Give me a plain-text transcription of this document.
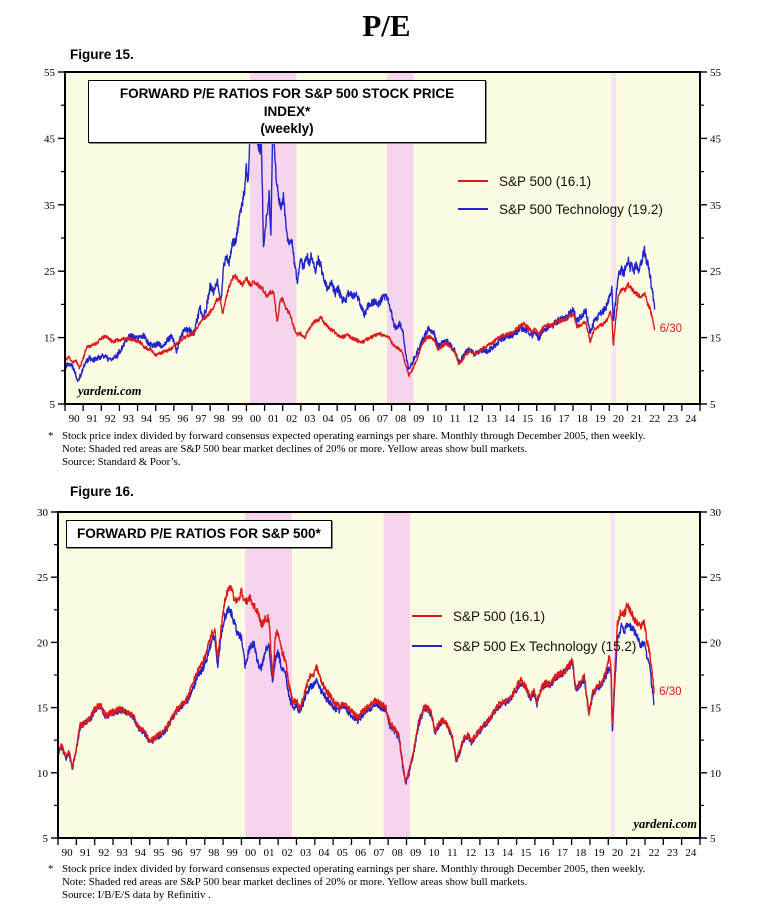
P/E
Figure 15.
5	5
15	15
25	25
35	35
45	45
55	55
90 91 92 93 94 95 96 97 98 99 00 01 02 03 04 05 06 07 08 09 10 11 12 13 14 15 16 17 18 19 20 21 22 23 24
FORWARD P/E RATIOS FOR S&P 500 STOCK PRICE INDEX*
(weekly)
S&P 500 (16.1)
S&P 500 Technology (19.2)
yardeni.com
6/30
* Stock price index divided by forward consensus expected operating earnings per share. Monthly through December 2005, then weekly.
Note: Shaded red areas are S&P 500 bear market declines of 20% or more. Yellow areas show bull markets.
Source: Standard & Poor’s.
Figure 16.
5	5
10	10
15	15
20	20
25	25
30	30
90 91 92 93 94 95 96 97 98 99 00 01 02 03 04 05 06 07 08 09 10 11 12 13 14 15 16 17 18 19 20 21 22 23 24
FORWARD P/E RATIOS FOR S&P 500*
S&P 500 (16.1)
S&P 500 Ex Technology (15.2)
yardeni.com
6/30
* Stock price index divided by forward consensus expected operating earnings per share. Monthly through December 2005, then weekly.
Note: Shaded red areas are S&P 500 bear market declines of 20% or more. Yellow areas show bull markets.
Source: I/B/E/S data by Refinitiv .
